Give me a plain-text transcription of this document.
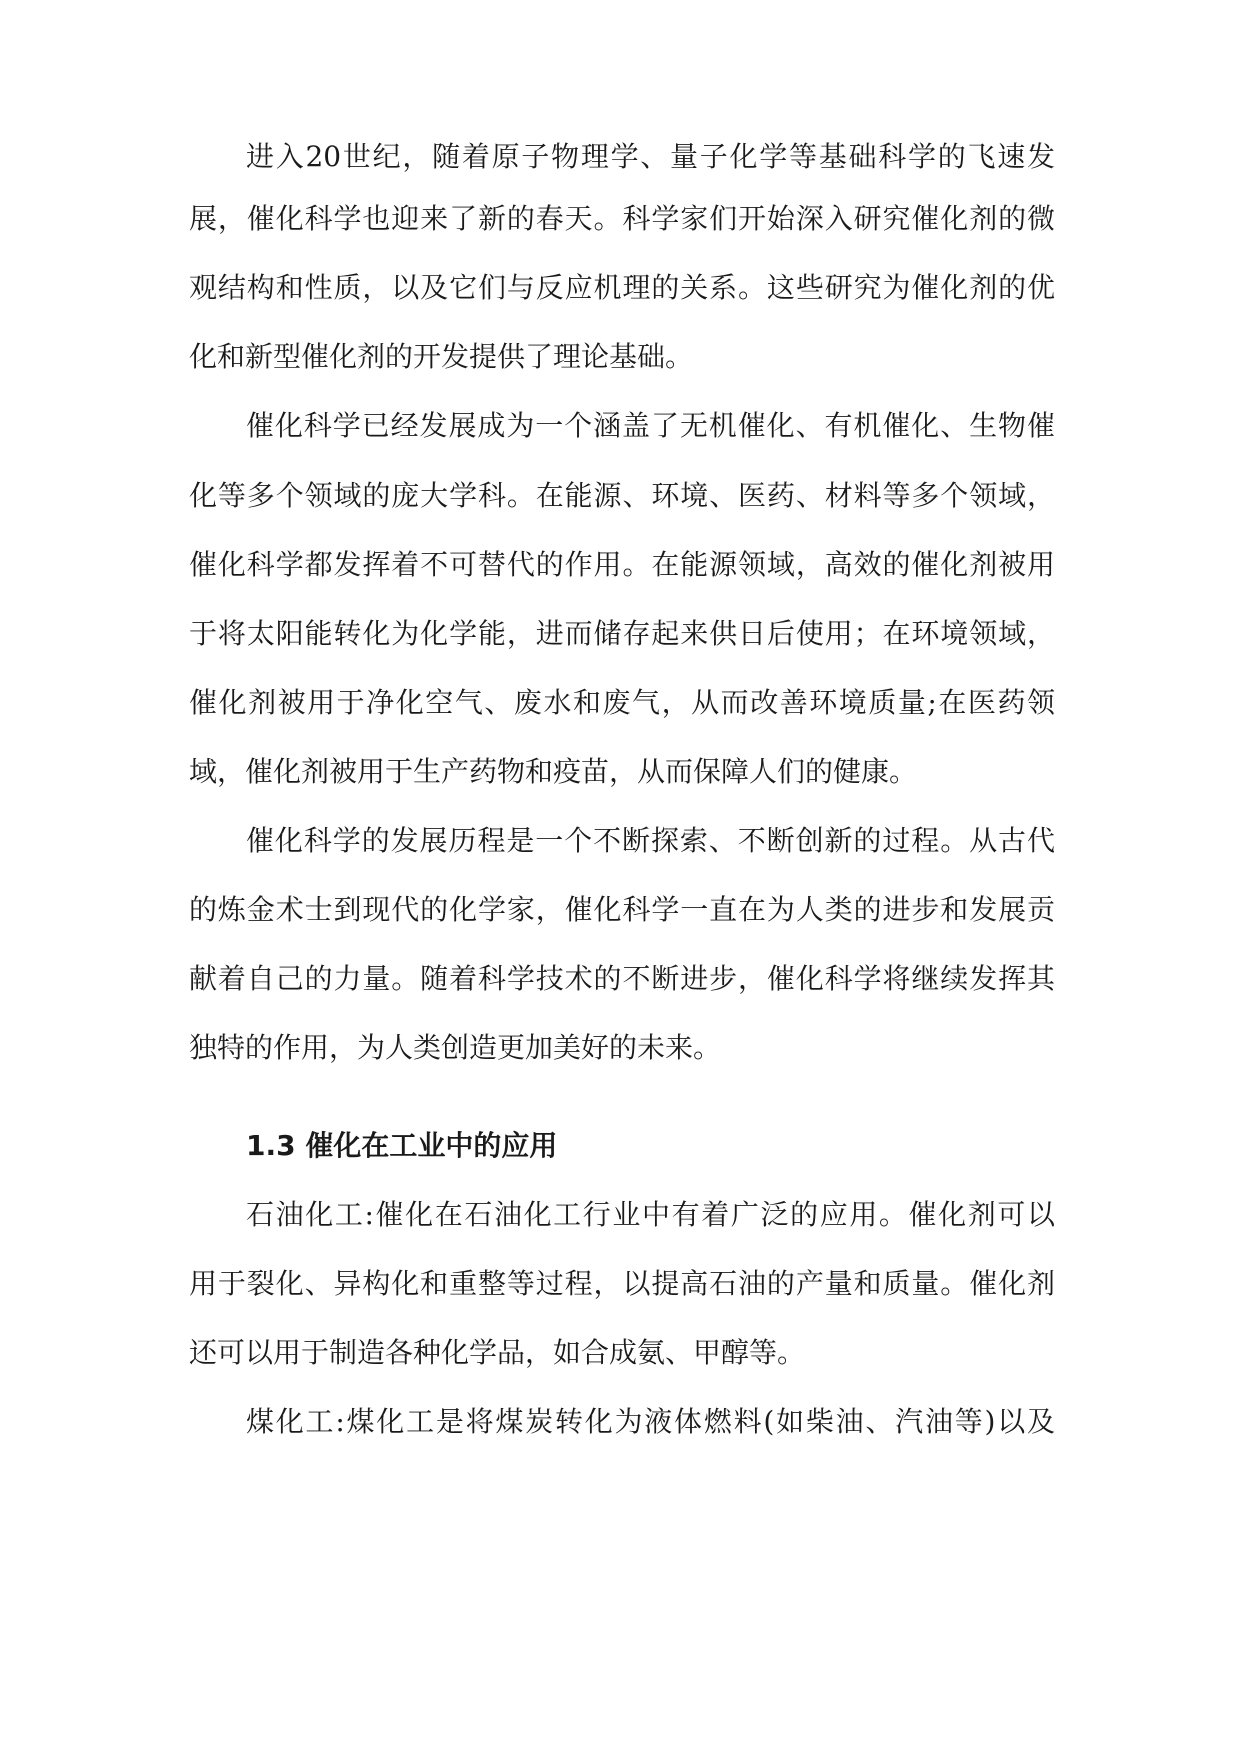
进入20世纪，随着原子物理学、量子化学等基础科学的飞速发
展，催化科学也迎来了新的春天。科学家们开始深入研究催化剂的微
观结构和性质，以及它们与反应机理的关系。这些研究为催化剂的优
化和新型催化剂的开发提供了理论基础。
催化科学已经发展成为一个涵盖了无机催化、有机催化、生物催
化等多个领域的庞大学科。在能源、环境、医药、材料等多个领域，
催化科学都发挥着不可替代的作用。在能源领域，高效的催化剂被用
于将太阳能转化为化学能，进而储存起来供日后使用；在环境领域，
催化剂被用于净化空气、废水和废气，从而改善环境质量;在医药领
域，催化剂被用于生产药物和疫苗，从而保障人们的健康。
催化科学的发展历程是一个不断探索、不断创新的过程。从古代
的炼金术士到现代的化学家，催化科学一直在为人类的进步和发展贡
献着自己的力量。随着科学技术的不断进步，催化科学将继续发挥其
独特的作用，为人类创造更加美好的未来。
1.3 催化在工业中的应用
石油化工:催化在石油化工行业中有着广泛的应用。催化剂可以
用于裂化、异构化和重整等过程，以提高石油的产量和质量。催化剂
还可以用于制造各种化学品，如合成氨、甲醇等。
煤化工:煤化工是将煤炭转化为液体燃料(如柴油、汽油等)以及
